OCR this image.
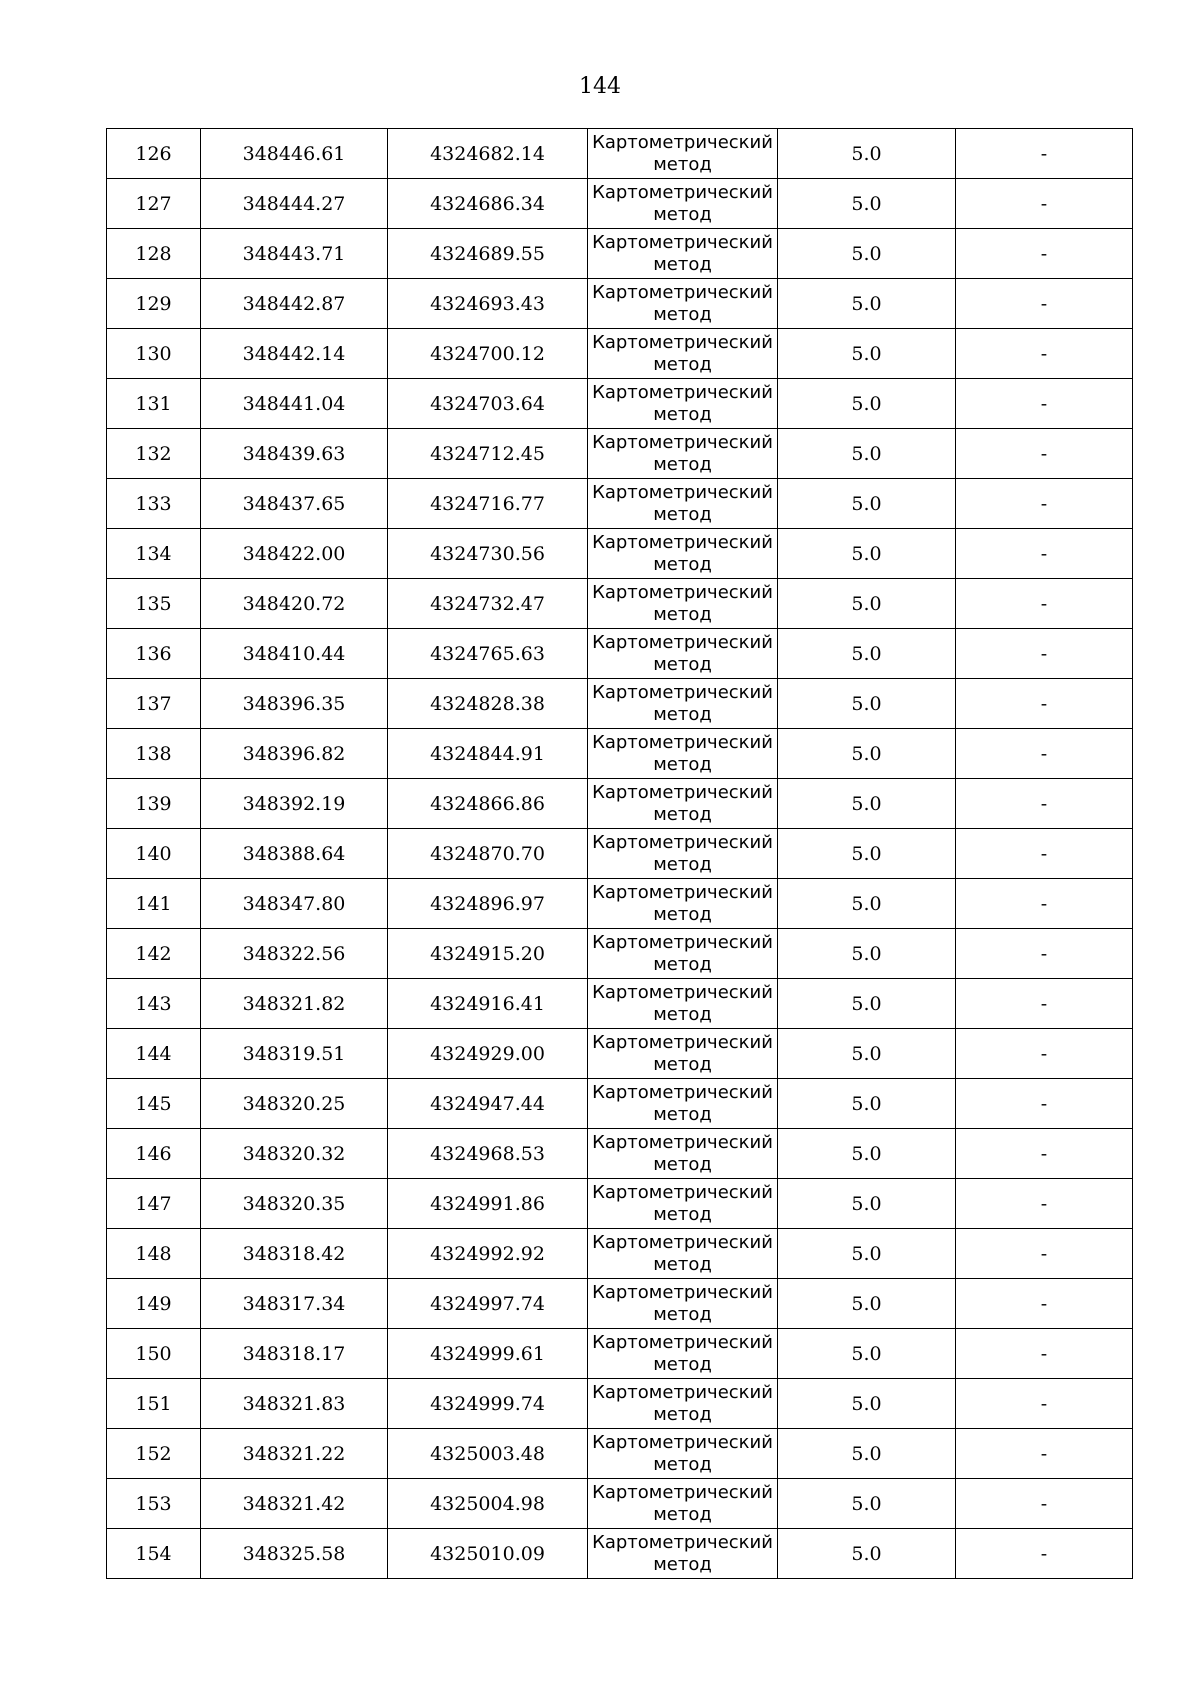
144
126	348446.61	4324682.14	Картометрический
метод	5.0	-
127	348444.27	4324686.34	Картометрический
метод	5.0	-
128	348443.71	4324689.55	Картометрический
метод	5.0	-
129	348442.87	4324693.43	Картометрический
метод	5.0	-
130	348442.14	4324700.12	Картометрический
метод	5.0	-
131	348441.04	4324703.64	Картометрический
метод	5.0	-
132	348439.63	4324712.45	Картометрический
метод	5.0	-
133	348437.65	4324716.77	Картометрический
метод	5.0	-
134	348422.00	4324730.56	Картометрический
метод	5.0	-
135	348420.72	4324732.47	Картометрический
метод	5.0	-
136	348410.44	4324765.63	Картометрический
метод	5.0	-
137	348396.35	4324828.38	Картометрический
метод	5.0	-
138	348396.82	4324844.91	Картометрический
метод	5.0	-
139	348392.19	4324866.86	Картометрический
метод	5.0	-
140	348388.64	4324870.70	Картометрический
метод	5.0	-
141	348347.80	4324896.97	Картометрический
метод	5.0	-
142	348322.56	4324915.20	Картометрический
метод	5.0	-
143	348321.82	4324916.41	Картометрический
метод	5.0	-
144	348319.51	4324929.00	Картометрический
метод	5.0	-
145	348320.25	4324947.44	Картометрический
метод	5.0	-
146	348320.32	4324968.53	Картометрический
метод	5.0	-
147	348320.35	4324991.86	Картометрический
метод	5.0	-
148	348318.42	4324992.92	Картометрический
метод	5.0	-
149	348317.34	4324997.74	Картометрический
метод	5.0	-
150	348318.17	4324999.61	Картометрический
метод	5.0	-
151	348321.83	4324999.74	Картометрический
метод	5.0	-
152	348321.22	4325003.48	Картометрический
метод	5.0	-
153	348321.42	4325004.98	Картометрический
метод	5.0	-
154	348325.58	4325010.09	Картометрический
метод	5.0	-
